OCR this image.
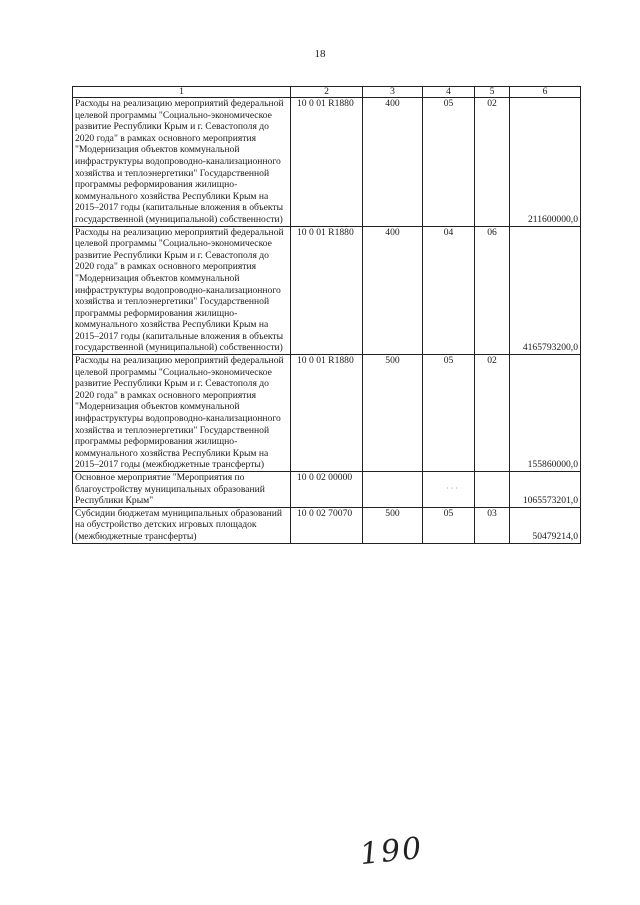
18
1	2	3	4	5	6
Расходы на реализацию мероприятий федеральной целевой программы "Социально-экономическое развитие Республики Крым и г. Севастополя до 2020 года" в рамках основного мероприятия "Модернизация объектов коммунальной инфраструктуры водопроводно-канализационного хозяйства и теплоэнергетики" Государственной программы реформирования жилищно-коммунального хозяйства Республики Крым на 2015–2017 годы (капитальные вложения в объекты государственной (муниципальной) собственности)	10 0 01 R1880	400	05	02	211600000,0
Расходы на реализацию мероприятий федеральной целевой программы "Социально-экономическое развитие Республики Крым и г. Севастополя до 2020 года" в рамках основного мероприятия "Модернизация объектов коммунальной инфраструктуры водопроводно-канализационного хозяйства и теплоэнергетики" Государственной программы реформирования жилищно-коммунального хозяйства Республики Крым на 2015–2017 годы (капитальные вложения в объекты государственной (муниципальной) собственности)	10 0 01 R1880	400	04	06	4165793200,0
Расходы на реализацию мероприятий федеральной целевой программы "Социально-экономическое развитие Республики Крым и г. Севастополя до 2020 года" в рамках основного мероприятия "Модернизация объектов коммунальной инфраструктуры водопроводно-канализационного хозяйства и теплоэнергетики" Государственной программы реформирования жилищно-коммунального хозяйства Республики Крым на 2015–2017 годы (межбюджетные трансферты)	10 0 01 R1880	500	05	02	155860000,0
Основное мероприятие "Мероприятия по благоустройству муниципальных образований Республики Крым"	10 0 02 00000				1065573201,0
Субсидии бюджетам муниципальных образований на обустройство детских игровых площадок (межбюджетные трансферты)	10 0 02 70070	500	05	03	50479214,0
· · ·
190
